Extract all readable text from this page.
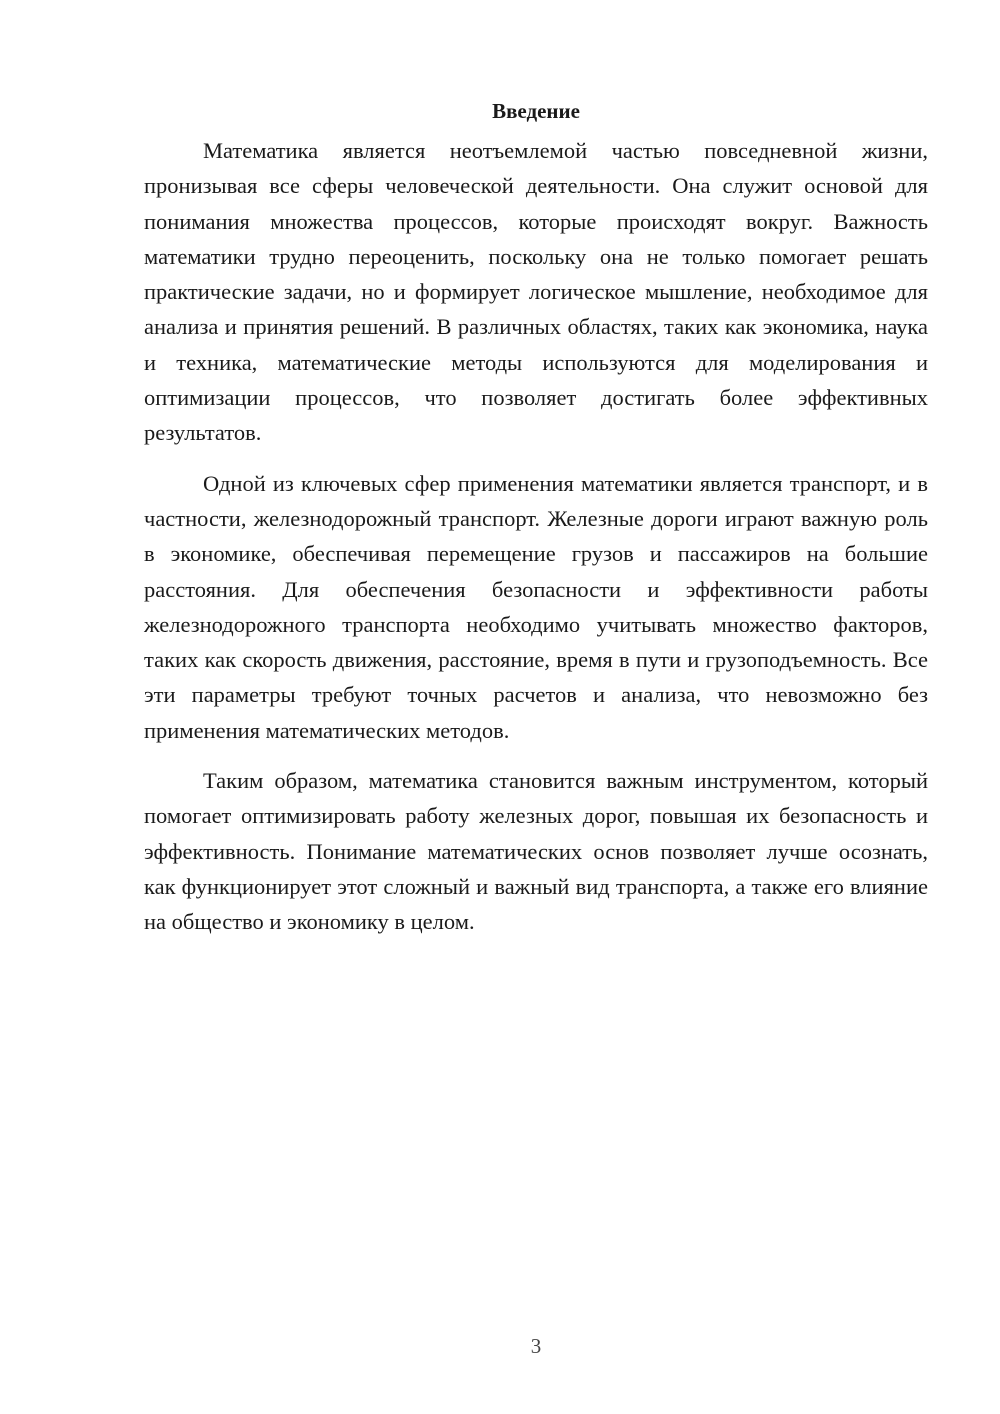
Введение

Математика является неотъемлемой частью повседневной жизни, пронизывая все сферы человеческой деятельности. Она служит основой для понимания множества процессов, которые происходят вокруг. Важность математики трудно переоценить, поскольку она не только помогает решать практические задачи, но и формирует логическое мышление, необходимое для анализа и принятия решений. В различных областях, таких как экономика, наука и техника, математические методы используются для моделирования и оптимизации процессов, что позволяет достигать более эффективных результатов.

Одной из ключевых сфер применения математики является транспорт, и в частности, железнодорожный транспорт. Железные дороги играют важную роль в экономике, обеспечивая перемещение грузов и пассажиров на большие расстояния. Для обеспечения безопасности и эффективности работы железнодорожного транспорта необходимо учитывать множество факторов, таких как скорость движения, расстояние, время в пути и грузоподъемность. Все эти параметры требуют точных расчетов и анализа, что невозможно без применения математических методов.

Таким образом, математика становится важным инструментом, который помогает оптимизировать работу железных дорог, повышая их безопасность и эффективность. Понимание математических основ позволяет лучше осознать, как функционирует этот сложный и важный вид транспорта, а также его влияние на общество и экономику в целом.

3
